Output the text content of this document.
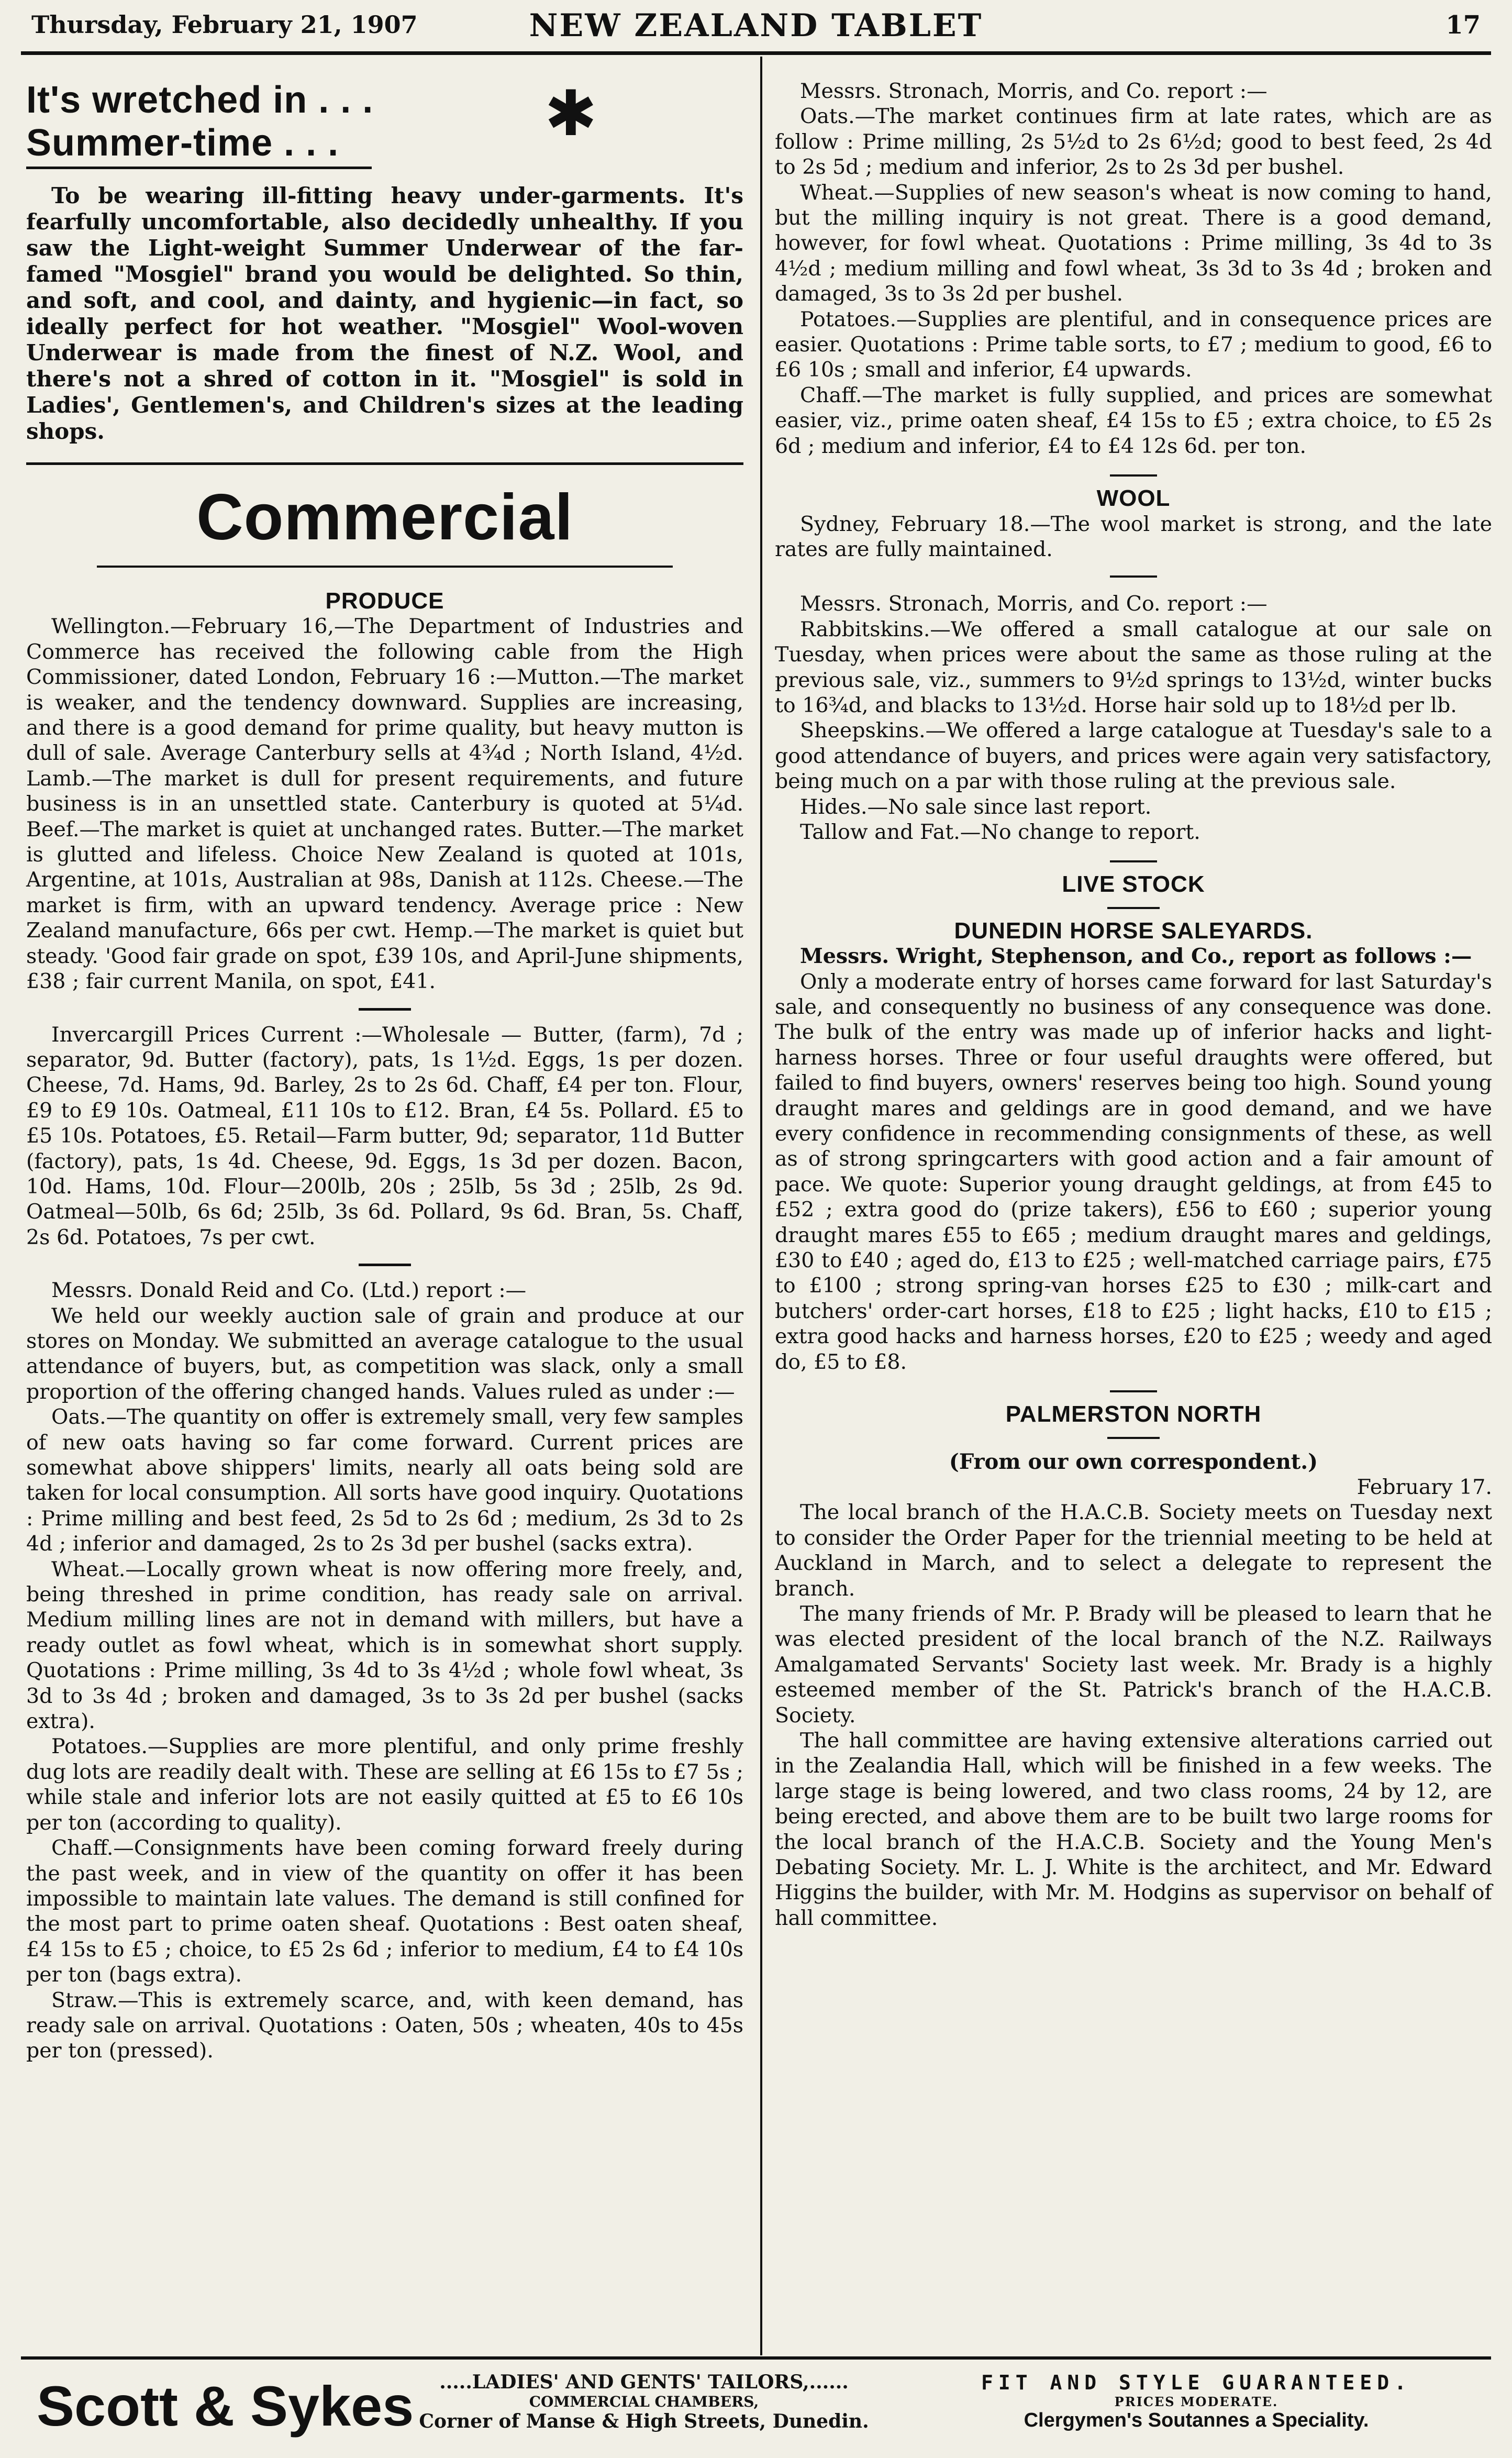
Thursday, February 21, 1907	NEW ZEALAND TABLET	17
It's wretched in . . .
Summer-time . . .

To be wearing ill-fitting heavy under-garments. It's fearfully uncomfortable, also decidedly unhealthy. If you saw the Light-weight Summer Underwear of the far-famed "Mosgiel" brand you would be delighted. So thin, and soft, and cool, and dainty, and hygienic—in fact, so ideally perfect for hot weather. "Mosgiel" Wool-woven Underwear is made from the finest of N.Z. Wool, and there's not a shred of cotton in it. "Mosgiel" is sold in Ladies', Gentlemen's, and Children's sizes at the leading shops.

Commercial

PRODUCE

Wellington.—February 16,—The Department of Industries and Commerce has received the following cable from the High Commissioner, dated London, February 16 :—Mutton.—The market is weaker, and the tendency downward. Supplies are increasing, and there is a good demand for prime quality, but heavy mutton is dull of sale. Average Canterbury sells at 4¾d ; North Island, 4½d. Lamb.—The market is dull for present requirements, and future business is in an unsettled state. Canterbury is quoted at 5¼d. Beef.—The market is quiet at unchanged rates. Butter.—The market is glutted and lifeless. Choice New Zealand is quoted at 101s, Argentine, at 101s, Australian at 98s, Danish at 112s. Cheese.—The market is firm, with an upward tendency. Average price : New Zealand manufacture, 66s per cwt. Hemp.—The market is quiet but steady. 'Good fair grade on spot, £39 10s, and April-June shipments, £38 ; fair current Manila, on spot, £41.

Invercargill Prices Current :—Wholesale — Butter, (farm), 7d ; separator, 9d. Butter (factory), pats, 1s 1½d. Eggs, 1s per dozen. Cheese, 7d. Hams, 9d. Barley, 2s to 2s 6d. Chaff, £4 per ton. Flour, £9 to £9 10s. Oatmeal, £11 10s to £12. Bran, £4 5s. Pollard. £5 to £5 10s. Potatoes, £5. Retail—Farm butter, 9d; separator, 11d Butter (factory), pats, 1s 4d. Cheese, 9d. Eggs, 1s 3d per dozen. Bacon, 10d. Hams, 10d. Flour—200lb, 20s ; 25lb, 5s 3d ; 25lb, 2s 9d. Oatmeal—50lb, 6s 6d; 25lb, 3s 6d. Pollard, 9s 6d. Bran, 5s. Chaff, 2s 6d. Potatoes, 7s per cwt.

Messrs. Donald Reid and Co. (Ltd.) report :—

We held our weekly auction sale of grain and produce at our stores on Monday. We submitted an average catalogue to the usual attendance of buyers, but, as competition was slack, only a small proportion of the offering changed hands. Values ruled as under :—

Oats.—The quantity on offer is extremely small, very few samples of new oats having so far come forward. Current prices are somewhat above shippers' limits, nearly all oats being sold are taken for local consumption. All sorts have good inquiry. Quotations : Prime milling and best feed, 2s 5d to 2s 6d ; medium, 2s 3d to 2s 4d ; inferior and damaged, 2s to 2s 3d per bushel (sacks extra).

Wheat.—Locally grown wheat is now offering more freely, and, being threshed in prime condition, has ready sale on arrival. Medium milling lines are not in demand with millers, but have a ready outlet as fowl wheat, which is in somewhat short supply. Quotations : Prime milling, 3s 4d to 3s 4½d ; whole fowl wheat, 3s 3d to 3s 4d ; broken and damaged, 3s to 3s 2d per bushel (sacks extra).

Potatoes.—Supplies are more plentiful, and only prime freshly dug lots are readily dealt with. These are selling at £6 15s to £7 5s ; while stale and inferior lots are not easily quitted at £5 to £6 10s per ton (according to quality).

Chaff.—Consignments have been coming forward freely during the past week, and in view of the quantity on offer it has been impossible to maintain late values. The demand is still confined for the most part to prime oaten sheaf. Quotations : Best oaten sheaf, £4 15s to £5 ; choice, to £5 2s 6d ; inferior to medium, £4 to £4 10s per ton (bags extra).

Straw.—This is extremely scarce, and, with keen demand, has ready sale on arrival. Quotations : Oaten, 50s ; wheaten, 40s to 45s per ton (pressed).

✱	Messrs. Stronach, Morris, and Co. report :—

Oats.—The market continues firm at late rates, which are as follow : Prime milling, 2s 5½d to 2s 6½d; good to best feed, 2s 4d to 2s 5d ; medium and inferior, 2s to 2s 3d per bushel.

Wheat.—Supplies of new season's wheat is now coming to hand, but the milling inquiry is not great. There is a good demand, however, for fowl wheat. Quotations : Prime milling, 3s 4d to 3s 4½d ; medium milling and fowl wheat, 3s 3d to 3s 4d ; broken and damaged, 3s to 3s 2d per bushel.

Potatoes.—Supplies are plentiful, and in consequence prices are easier. Quotations : Prime table sorts, to £7 ; medium to good, £6 to £6 10s ; small and inferior, £4 upwards.

Chaff.—The market is fully supplied, and prices are somewhat easier, viz., prime oaten sheaf, £4 15s to £5 ; extra choice, to £5 2s 6d ; medium and inferior, £4 to £4 12s 6d. per ton.

WOOL

Sydney, February 18.—The wool market is strong, and the late rates are fully maintained.

Messrs. Stronach, Morris, and Co. report :—

Rabbitskins.—We offered a small catalogue at our sale on Tuesday, when prices were about the same as those ruling at the previous sale, viz., summers to 9½d springs to 13½d, winter bucks to 16¾d, and blacks to 13½d. Horse hair sold up to 18½d per lb.

Sheepskins.—We offered a large catalogue at Tuesday's sale to a good attendance of buyers, and prices were again very satisfactory, being much on a par with those ruling at the previous sale.

Hides.—No sale since last report.

Tallow and Fat.—No change to report.

LIVE STOCK

DUNEDIN HORSE SALEYARDS.

Messrs. Wright, Stephenson, and Co., report as follows :—

Only a moderate entry of horses came forward for last Saturday's sale, and consequently no business of any consequence was done. The bulk of the entry was made up of inferior hacks and light-harness horses. Three or four useful draughts were offered, but failed to find buyers, owners' reserves being too high. Sound young draught mares and geldings are in good demand, and we have every confidence in recommending consignments of these, as well as of strong springcarters with good action and a fair amount of pace. We quote: Superior young draught geldings, at from £45 to £52 ; extra good do (prize takers), £56 to £60 ; superior young draught mares £55 to £65 ; medium draught mares and geldings, £30 to £40 ; aged do, £13 to £25 ; well-matched carriage pairs, £75 to £100 ; strong spring-van horses £25 to £30 ; milk-cart and butchers' order-cart horses, £18 to £25 ; light hacks, £10 to £15 ; extra good hacks and harness horses, £20 to £25 ; weedy and aged do, £5 to £8.

PALMERSTON NORTH

(From our own correspondent.)

February 17.

The local branch of the H.A.C.B. Society meets on Tuesday next to consider the Order Paper for the triennial meeting to be held at Auckland in March, and to select a delegate to represent the branch.

The many friends of Mr. P. Brady will be pleased to learn that he was elected president of the local branch of the N.Z. Railways Amalgamated Servants' Society last week. Mr. Brady is a highly esteemed member of the St. Patrick's branch of the H.A.C.B. Society.

The hall committee are having extensive alterations carried out in the Zealandia Hall, which will be finished in a few weeks. The large stage is being lowered, and two class rooms, 24 by 12, are being erected, and above them are to be built two large rooms for the local branch of the H.A.C.B. Society and the Young Men's Debating Society. Mr. L. J. White is the architect, and Mr. Edward Higgins the builder, with Mr. M. Hodgins as supervisor on behalf of hall committee.

Scott & Sykes	.....LADIES' AND GENTS' TAILORS,......
COMMERCIAL CHAMBERS,
Corner of Manse & High Streets, Dunedin.
FIT AND STYLE GUARANTEED.
PRICES MODERATE.
Clergymen's Soutannes a Speciality.
